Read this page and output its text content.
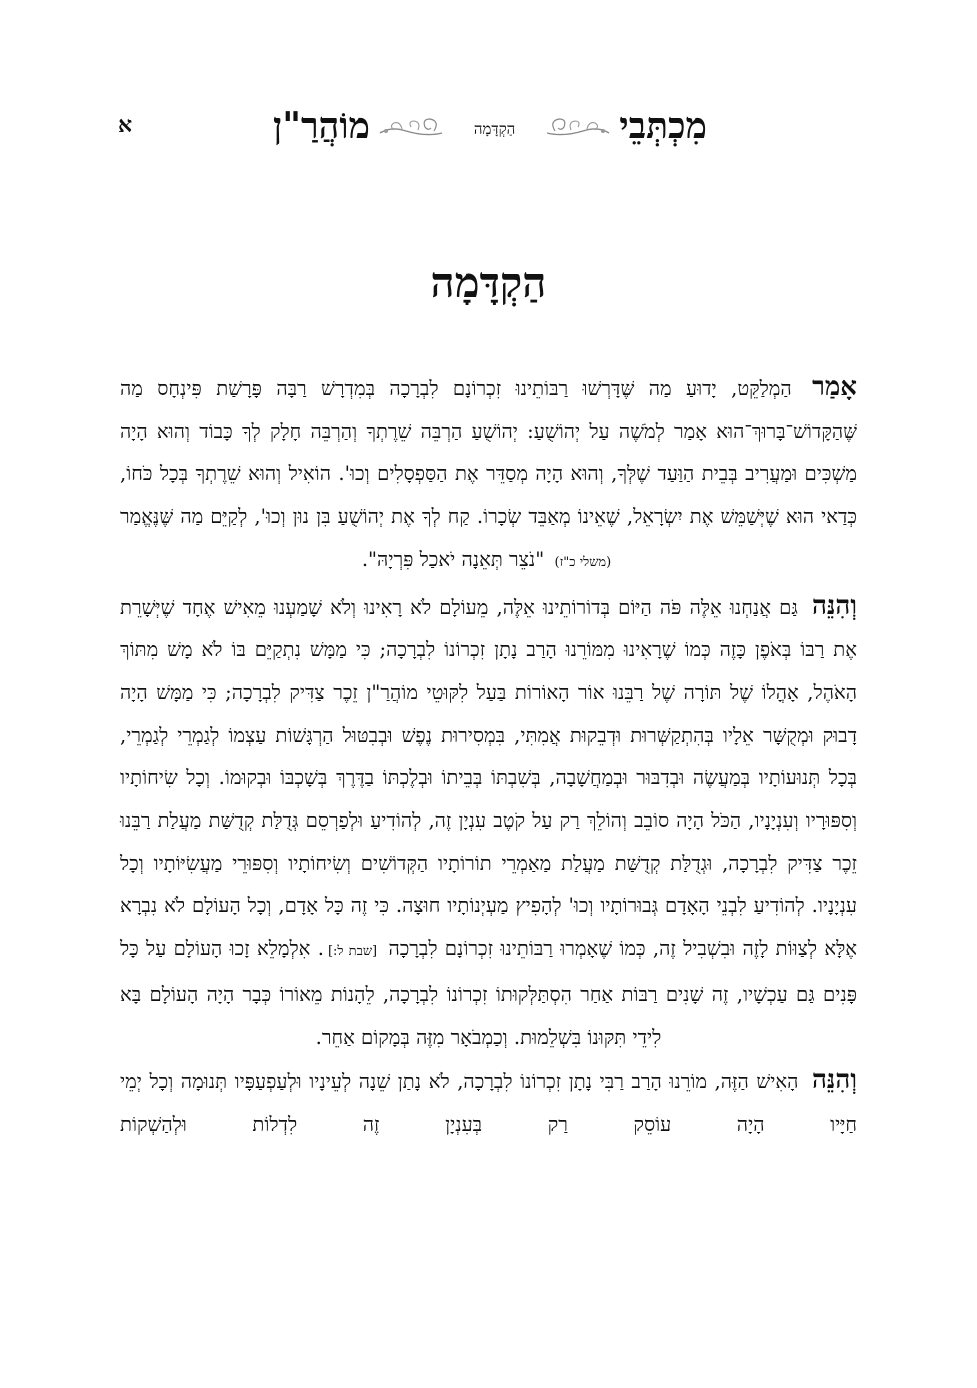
א	מִכְתְּבֵי
הַקְדָּמָה
מוֹהֲרַ"ן
הַקְדָּמָה

אָמַר הַמְלַקֵּט, יָדוּעַ מַה שֶּׁדָּרְשׁוּ רַבּוֹתֵינוּ זִכְרוֹנָם לִבְרָכָה בְּמִדְרָשׁ רַבָּה פָּרָשַׁת פִּינְחָס מַה שֶּׁהַקָּדוֹשׁ־בָּרוּךְ־הוּא אָמַר לְמֹשֶׁה עַל יְהוֹשֻׁעַ: יְהוֹשֻׁעַ הַרְבֵּה שֵׁרֶתְךָ וְהַרְבֵּה חָלָק לְךָ כָּבוֹד וְהוּא הָיָה מַשְׁכִּים וּמַעֲרִיב בְּבֵית הַוַּעַד שֶׁלְּךָ, וְהוּא הָיָה מְסַדֵּר אֶת הַסַּפְסָלִים וְכוּ'. הוֹאִיל וְהוּא שֵׁרֶתְךָ בְּכָל כֹּחוֹ, כְּדַאי הוּא שֶׁיְּשַׁמֵּשׁ אֶת יִשְׂרָאֵל, שֶׁאֵינוֹ מְאַבֵּד שְׂכָרוֹ. קַח לְךָ אֶת יְהוֹשֻׁעַ בִּן נוּן וְכוּ', לְקַיֵּם מַה שֶּׁנֶּאֱמַר (משלי כ"ז) "נֹצֵר תְּאֵנָה יֹאכַל פִּרְיָהּ".

וְהִנֵּה גַּם אֲנַחְנוּ אֵלֶּה פֹּה הַיּוֹם בְּדוֹרוֹתֵינוּ אֵלֶּה, מֵעוֹלָם לֹא רָאִינוּ וְלֹא שָׁמַעְנוּ מֵאִישׁ אֶחָד שֶׁיְּשָׁרֵת אֶת רַבּוֹ בְּאֹפֶן כָּזֶה כְּמוֹ שֶׁרָאִינוּ מִמּוֹרֵנוּ הָרַב נָתָן זִכְרוֹנוֹ לִבְרָכָה; כִּי מַמָּשׁ נִתְקַיֵּם בּוֹ לֹא מָשׁ מִתּוֹךְ הָאֹהֶל, אָהֳלוֹ שֶׁל תּוֹרָה שֶׁל רַבֵּנוּ אוֹר הָאוֹרוֹת בַּעַל לִקּוּטֵי מוֹהֲרַ"ן זֵכֶר צַדִּיק לִבְרָכָה; כִּי מַמָּשׁ הָיָה דָבוּק וּמְקֻשָּׁר אֵלָיו בְּהִתְקַשְּׁרוּת וּדְבֵקוּת אֲמִתִּי, בִּמְסִירוּת נֶפֶשׁ וּבְבִטּוּל הַרְגָּשׁוֹת עַצְמוֹ לְגַמְרֵי לְגַמְרֵי, בְּכָל תְּנוּעוֹתָיו בְּמַעֲשֶׂה וּבְדִבּוּר וּבְמַחֲשָׁבָה, בְּשִׁבְתּוֹ בְּבֵיתוֹ וּבְלֶכְתּוֹ בַדֶּרֶךְ בְּשָׁכְבּוֹ וּבְקוּמוֹ. וְכָל שִׂיחוֹתָיו וְסִפּוּרָיו וְעִנְיָנָיו, הַכֹּל הָיָה סוֹבֵב וְהוֹלֵךְ רַק עַל קֹטֶב עִנְיָן זֶה, לְהוֹדִיעַ וּלְפַרְסֵם גְּדֻלַּת קְדֻשַּׁת מַעֲלַת רַבֵּנוּ זֵכֶר צַדִּיק לִבְרָכָה, וּגְדֻלַּת קְדֻשַּׁת מַעֲלַת מַאַמְרֵי תוֹרוֹתָיו הַקְּדוֹשִׁים וְשִׂיחוֹתָיו וְסִפּוּרֵי מַעֲשִׂיּוֹתָיו וְכָל עִנְיָנָיו. לְהוֹדִיעַ לִבְנֵי הָאָדָם גְּבוּרוֹתָיו וְכוּ' לְהָפִיץ מַעְיְנוֹתָיו חוּצָה. כִּי זֶה כָּל אָדָם, וְכָל הָעוֹלָם לֹא נִבְרָא אֶלָּא לְצַוּוֹת לָזֶה וּבִשְׁבִיל זֶה, כְּמוֹ שֶׁאָמְרוּ רַבּוֹתֵינוּ זִכְרוֹנָם לִבְרָכָה [שבת ל:]. אִלְמָלֵא זָכוּ הָעוֹלָם עַל כָּל פָּנִים גַּם עַכְשָׁיו, זֶה שָׁנִים רַבּוֹת אַחַר הִסְתַּלְּקוּתוֹ זִכְרוֹנוֹ לִבְרָכָה, לֵהָנוֹת מֵאוֹרוֹ כְּבָר הָיָה הָעוֹלָם בָּא לִידֵי תִּקּוּנוֹ בִּשְׁלֵמוּת. וְכַמְבֹאָר מִזֶּה בְּמָקוֹם אַחֵר.

וְהִנֵּה הָאִישׁ הַזֶּה, מוֹרֵנוּ הָרַב רַבִּי נָתָן זִכְרוֹנוֹ לִבְרָכָה, לֹא נָתַן שֵׁנָה לְעֵינָיו וּלְעַפְעַפָּיו תְּנוּמָה וְכָל יְמֵי חַיָּיו הָיָה עוֹסֵק רַק בְּעִנְיָן זֶה לִדְלוֹת וּלְהַשְׁקוֹת
